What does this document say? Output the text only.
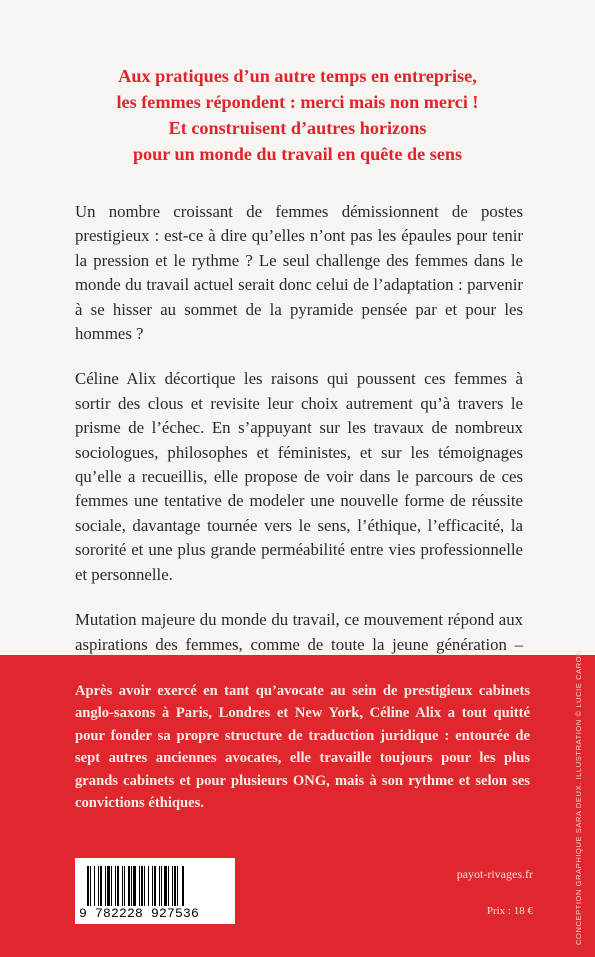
Aux pratiques d’un autre temps en entreprise,
les femmes répondent : merci mais non merci !
Et construisent d’autres horizons
pour un monde du travail en quête de sens

Un nombre croissant de femmes démissionnent de postes prestigieux : est-ce à dire qu’elles n’ont pas les épaules pour tenir la pression et le rythme ? Le seul challenge des femmes dans le monde du travail actuel serait donc celui de l’adaptation : parvenir à se hisser au sommet de la pyramide pensée par et pour les hommes ?

Céline Alix décortique les raisons qui poussent ces femmes à sortir des clous et revisite leur choix autrement qu’à travers le prisme de l’échec. En s’appuyant sur les travaux de nombreux sociologues, philosophes et féministes, et sur les témoignages qu’elle a recueillis, elle propose de voir dans le parcours de ces femmes une tentative de modeler une nouvelle forme de réussite sociale, davantage tournée vers le sens, l’éthique, l’efficacité, la sororité et une plus grande perméabilité entre vies professionnelle et personnelle.

Mutation majeure du monde du travail, ce mouvement répond aux aspirations des femmes, comme de toute la jeune génération –

Après avoir exercé en tant qu’avocate au sein de prestigieux cabinets anglo-saxons à Paris, Londres et New York, Céline Alix a tout quitté pour fonder sa propre structure de traduction juridique : entourée de sept autres anciennes avocates, elle travaille toujours pour les plus grands cabinets et pour plusieurs ONG, mais à son rythme et selon ses convictions éthiques.	CONCEPTION GRAPHIQUE SARA DEUX. ILLUSTRATION © LUCIE CARON
9 782228 927536
payot-rivages.fr
Prix : 18 €
